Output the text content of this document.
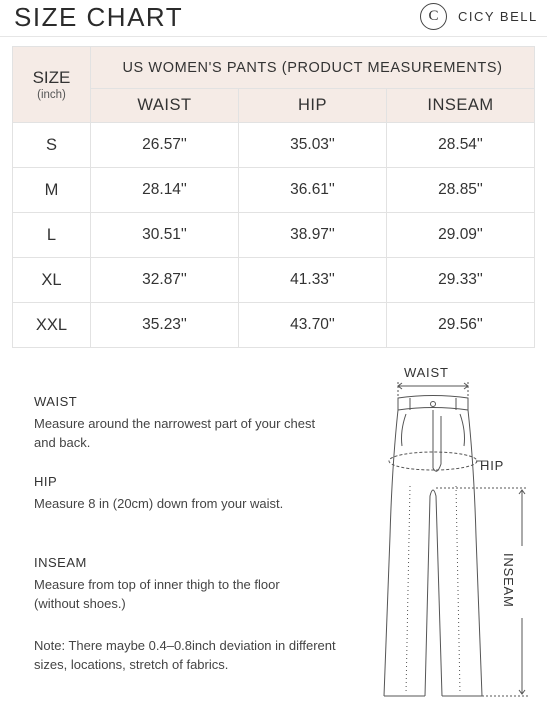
SIZE CHART	C CICY BELL
SIZE
(inch)	US WOMEN'S PANTS (PRODUCT MEASUREMENTS)		
	WAIST	HIP	INSEAM
S	26.57''	35.03''	28.54''
M	28.14''	36.61''	28.85''
L	30.51''	38.97''	29.09''
XL	32.87''	41.33''	29.33''
XXL	35.23''	43.70''	29.56''
WAIST
Measure around the narrowest part of your chest and back.
HIP
Measure 8 in (20cm) down from your waist.
INSEAM
Measure from top of inner thigh to the floor (without shoes.)
Note: There maybe 0.4–0.8inch deviation in different sizes, locations, stretch of fabrics.
WAIST
HIP
INSEAM
